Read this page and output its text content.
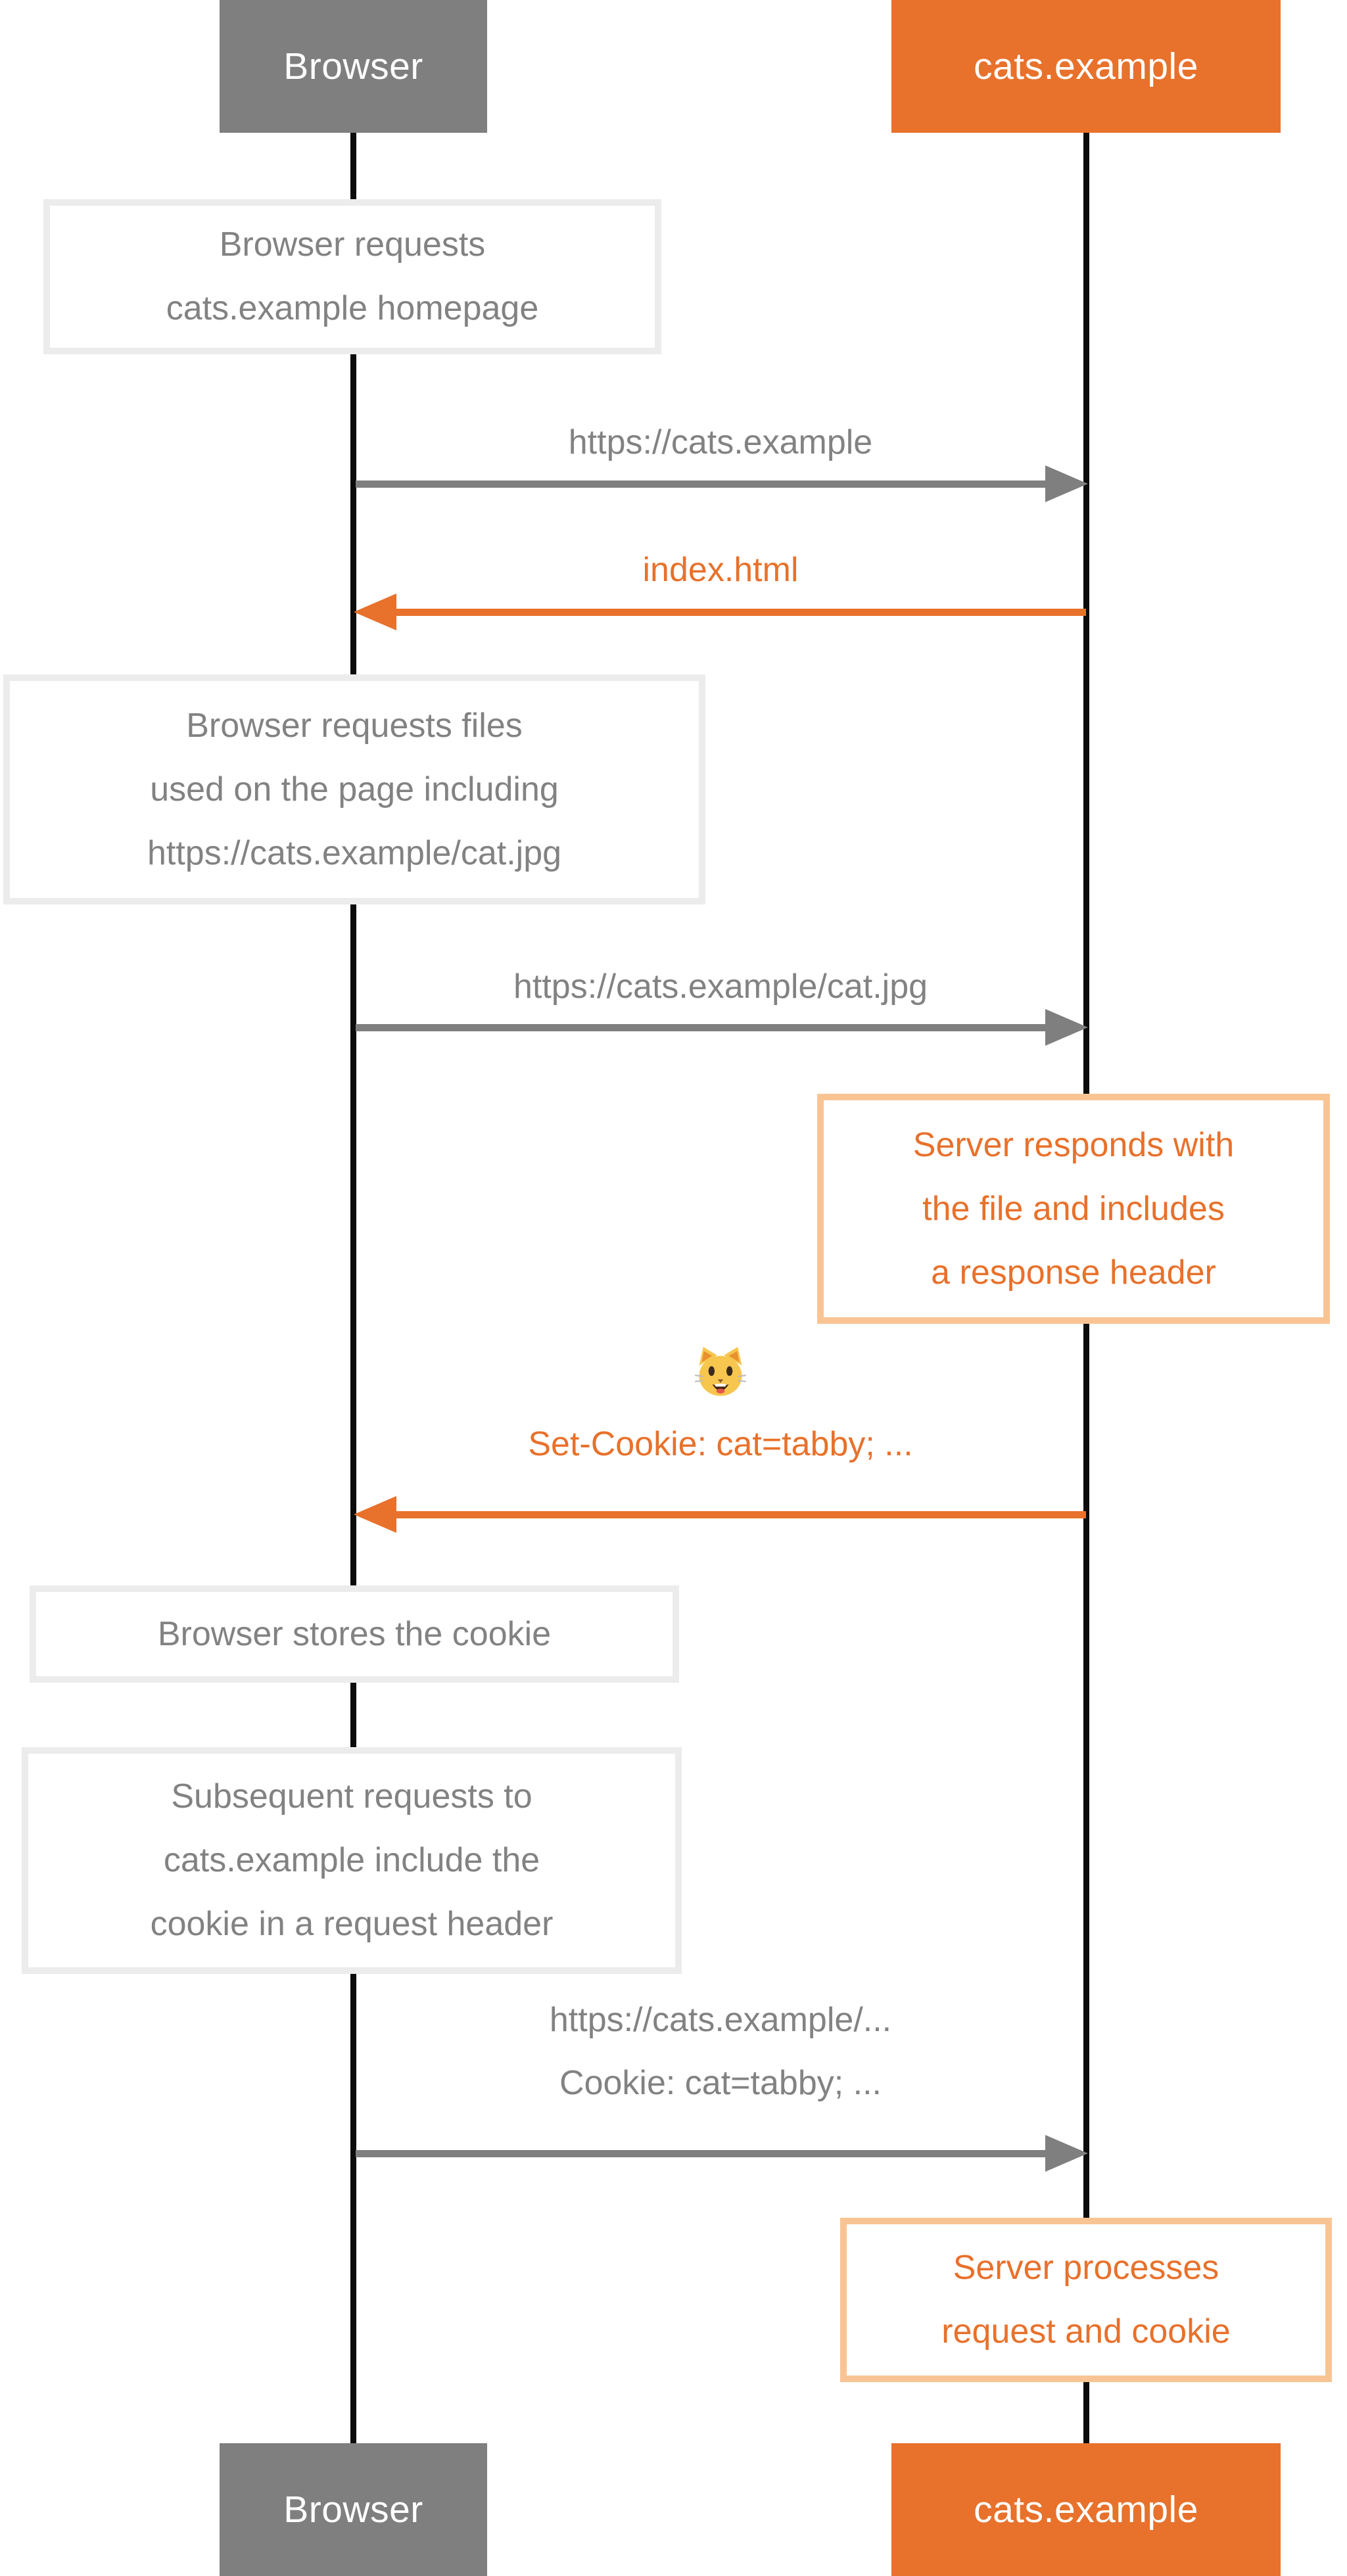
Browser	cats.example
Browser	cats.example
Browser requests
cats.example homepage
Browser requests files
used on the page including
https://cats.example/cat.jpg
Browser stores the cookie
Subsequent requests to
cats.example include the
cookie in a request header
Server responds with
the file and includes
a response header
Server processes
request and cookie
https://cats.example
index.html
https://cats.example/cat.jpg
Set-Cookie: cat=tabby; ...
https://cats.example/...
Cookie: cat=tabby; ...
